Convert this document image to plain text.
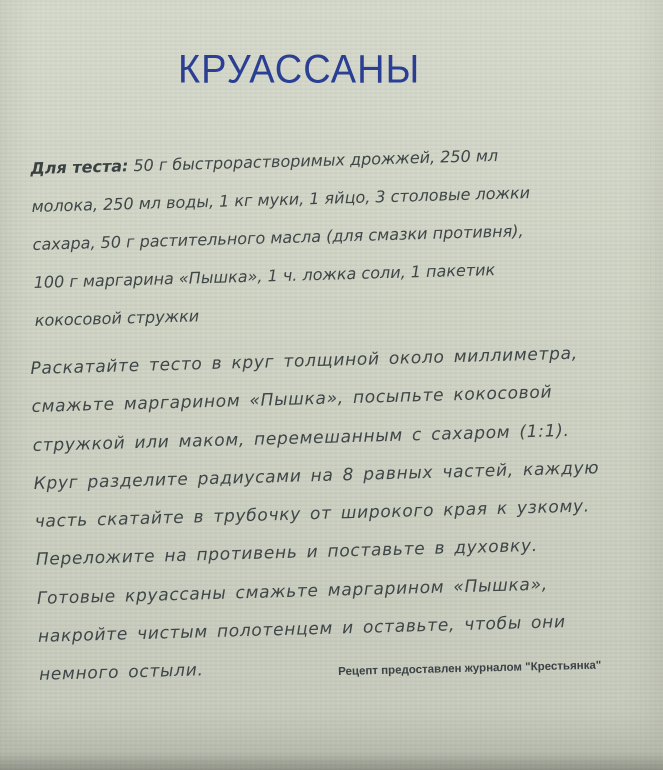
КРУАССАНЫ
Для теста: 50 г быстрорастворимых дрожжей, 250 мл
молока, 250 мл воды, 1 кг муки, 1 яйцо, 3 столовые ложки
сахара, 50 г растительного масла (для смазки противня),
100 г маргарина «Пышка», 1 ч. ложка соли, 1 пакетик
кокосовой стружки
Раскатайте тесто в круг толщиной около миллиметра,
смажьте маргарином «Пышка», посыпьте кокосовой
стружкой или маком, перемешанным с сахаром (1:1).
Круг разделите радиусами на 8 равных частей, каждую
часть скатайте в трубочку от широкого края к узкому.
Переложите на противень и поставьте в духовку.
Готовые круассаны смажьте маргарином «Пышка»,
накройте чистым полотенцем и оставьте, чтобы они
немного остыли.	Рецепт предоставлен журналом "Крестьянка"
